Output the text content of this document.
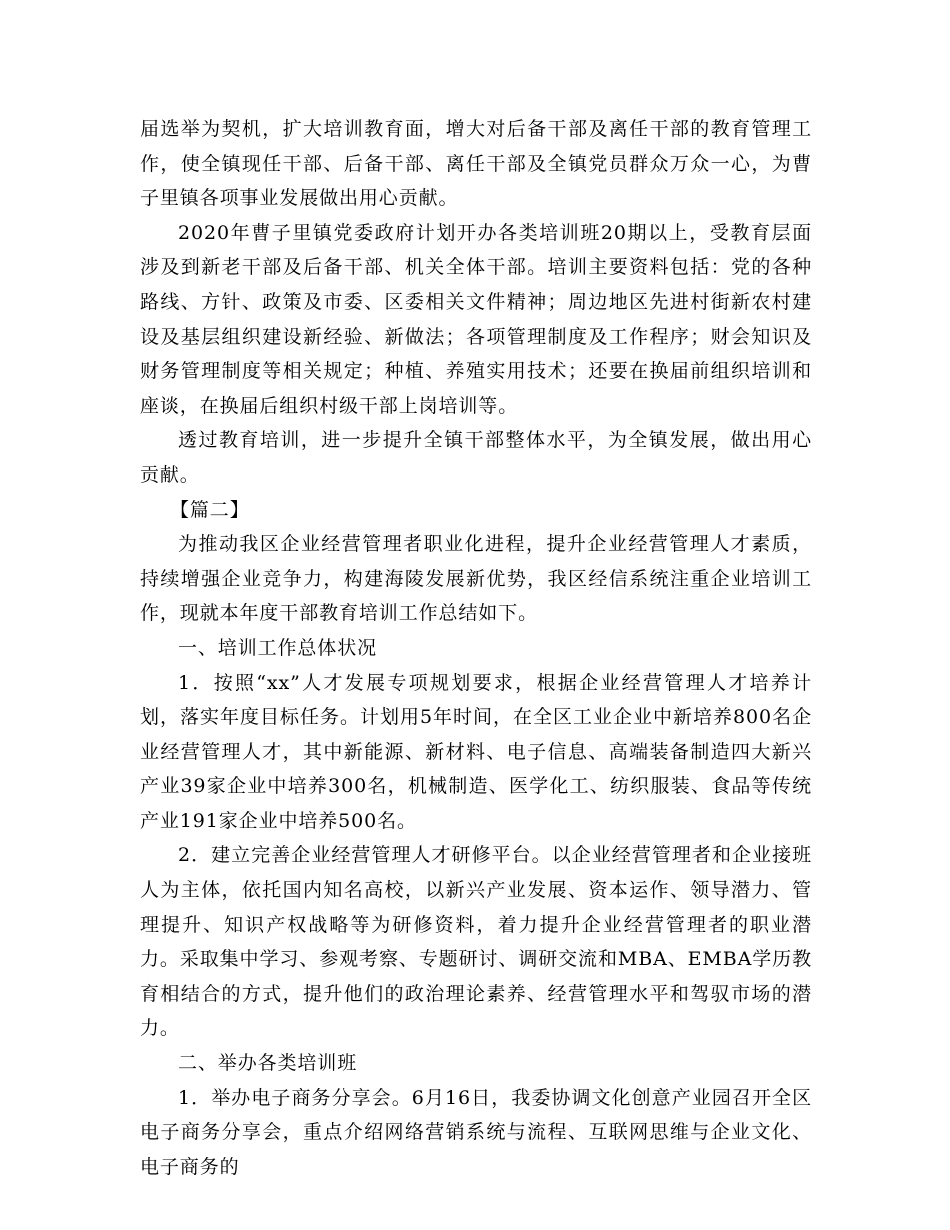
届选举为契机，扩大培训教育面，增大对后备干部及离任干部的教育管理工作，使全镇现任干部、后备干部、离任干部及全镇党员群众万众一心，为曹子里镇各项事业发展做出用心贡献。

2020年曹子里镇党委政府计划开办各类培训班20期以上，受教育层面涉及到新老干部及后备干部、机关全体干部。培训主要资料包括：党的各种路线、方针、政策及市委、区委相关文件精神；周边地区先进村街新农村建设及基层组织建设新经验、新做法；各项管理制度及工作程序；财会知识及财务管理制度等相关规定；种植、养殖实用技术；还要在换届前组织培训和座谈，在换届后组织村级干部上岗培训等。

透过教育培训，进一步提升全镇干部整体水平，为全镇发展，做出用心贡献。

【篇二】

为推动我区企业经营管理者职业化进程，提升企业经营管理人才素质，持续增强企业竞争力，构建海陵发展新优势，我区经信系统注重企业培训工作，现就本年度干部教育培训工作总结如下。

一、培训工作总体状况

1．按照“xx”人才发展专项规划要求，根据企业经营管理人才培养计划，落实年度目标任务。计划用5年时间，在全区工业企业中新培养800名企业经营管理人才，其中新能源、新材料、电子信息、高端装备制造四大新兴产业39家企业中培养300名，机械制造、医学化工、纺织服装、食品等传统产业191家企业中培养500名。

2．建立完善企业经营管理人才研修平台。以企业经营管理者和企业接班人为主体，依托国内知名高校，以新兴产业发展、资本运作、领导潜力、管理提升、知识产权战略等为研修资料，着力提升企业经营管理者的职业潜力。采取集中学习、参观考察、专题研讨、调研交流和MBA、EMBA学历教育相结合的方式，提升他们的政治理论素养、经营管理水平和驾驭市场的潜力。

二、举办各类培训班

1．举办电子商务分享会。6月16日，我委协调文化创意产业园召开全区电子商务分享会，重点介绍网络营销系统与流程、互联网思维与企业文化、电子商务的
